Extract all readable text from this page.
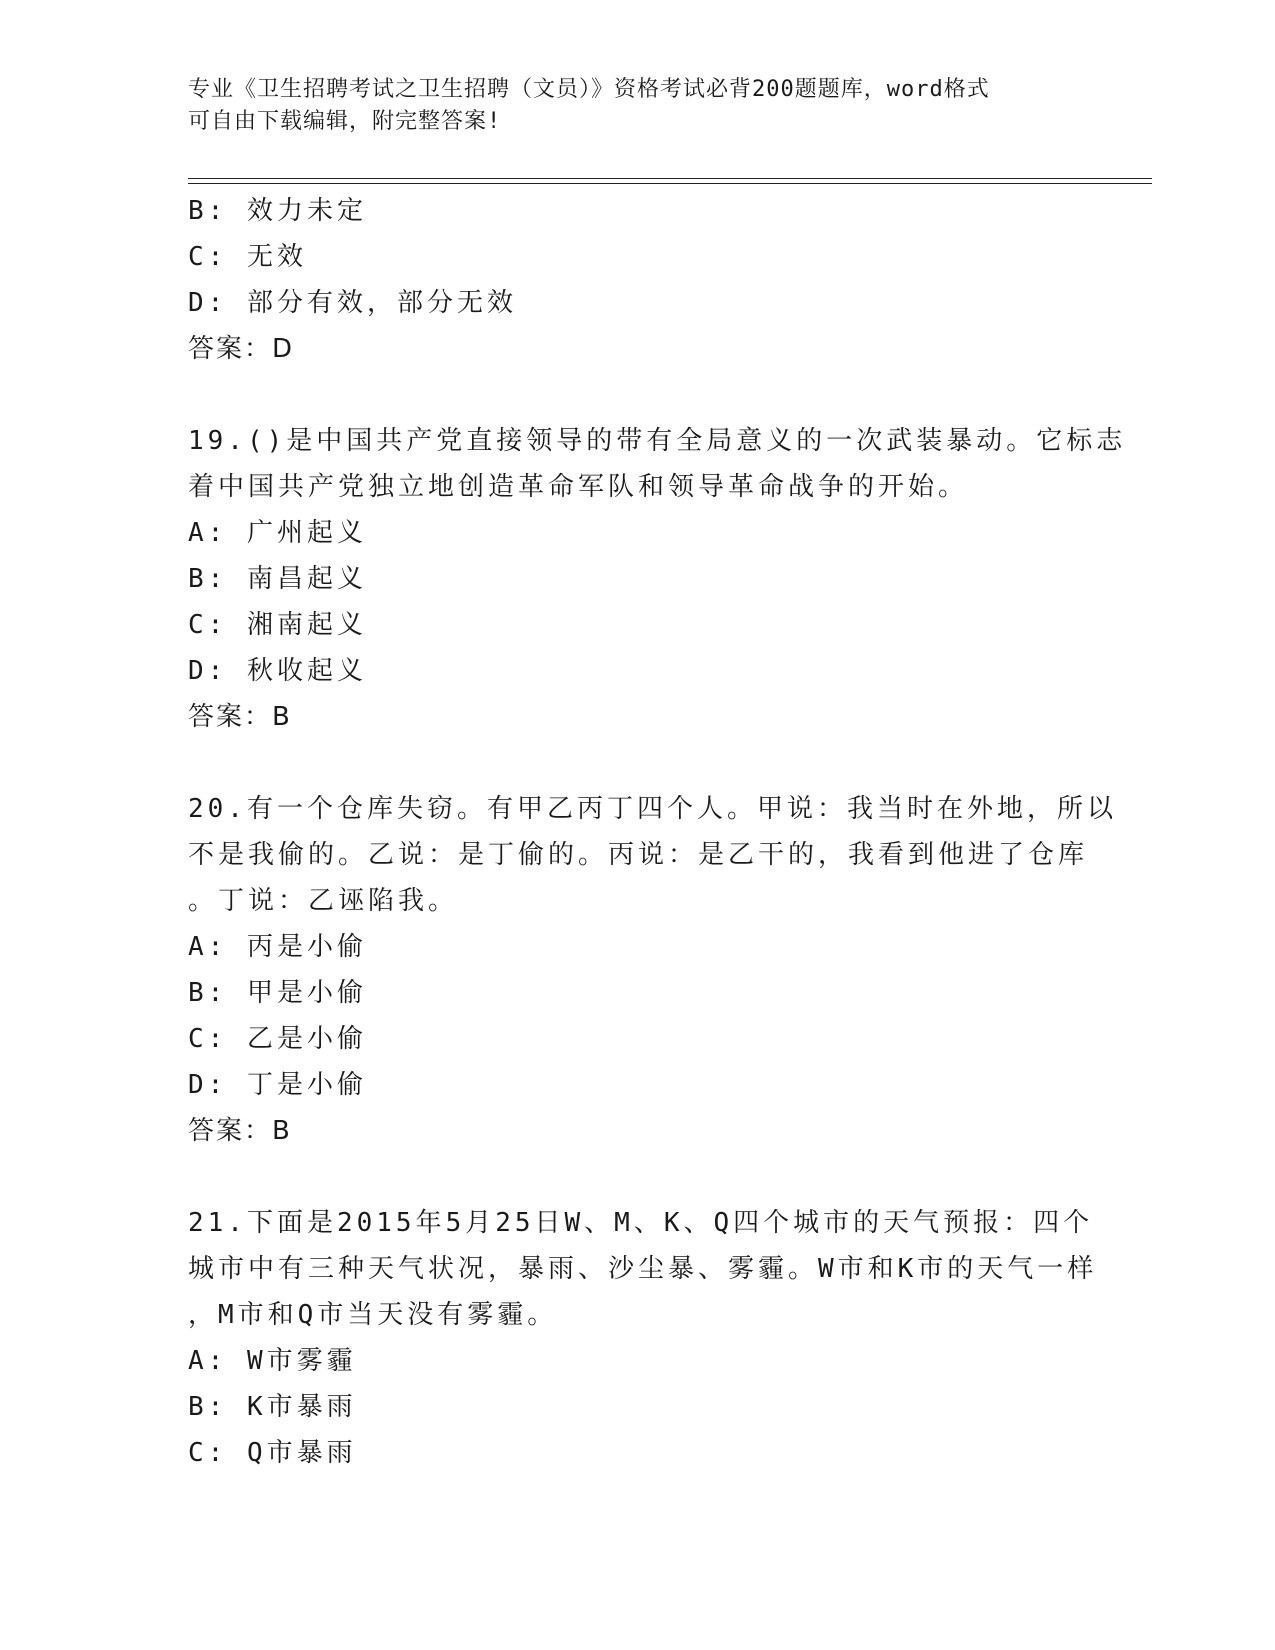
专业《卫生招聘考试之卫生招聘（文员）》资格考试必背200题题库，word格式
可自由下载编辑，附完整答案!
B: 效力未定
C: 无效
D: 部分有效，部分无效
答案：D
19.()是中国共产党直接领导的带有全局意义的一次武装暴动。它标志
着中国共产党独立地创造革命军队和领导革命战争的开始。
A: 广州起义
B: 南昌起义
C: 湘南起义
D: 秋收起义
答案：B
20.有一个仓库失窃。有甲乙丙丁四个人。甲说：我当时在外地，所以
不是我偷的。乙说：是丁偷的。丙说：是乙干的，我看到他进了仓库
。丁说：乙诬陷我。
A: 丙是小偷
B: 甲是小偷
C: 乙是小偷
D: 丁是小偷
答案：B
21.下面是2015年5月25日W、M、K、Q四个城市的天气预报：四个
城市中有三种天气状况，暴雨、沙尘暴、雾霾。W市和K市的天气一样
，M市和Q市当天没有雾霾。
A: W市雾霾
B: K市暴雨
C: Q市暴雨
